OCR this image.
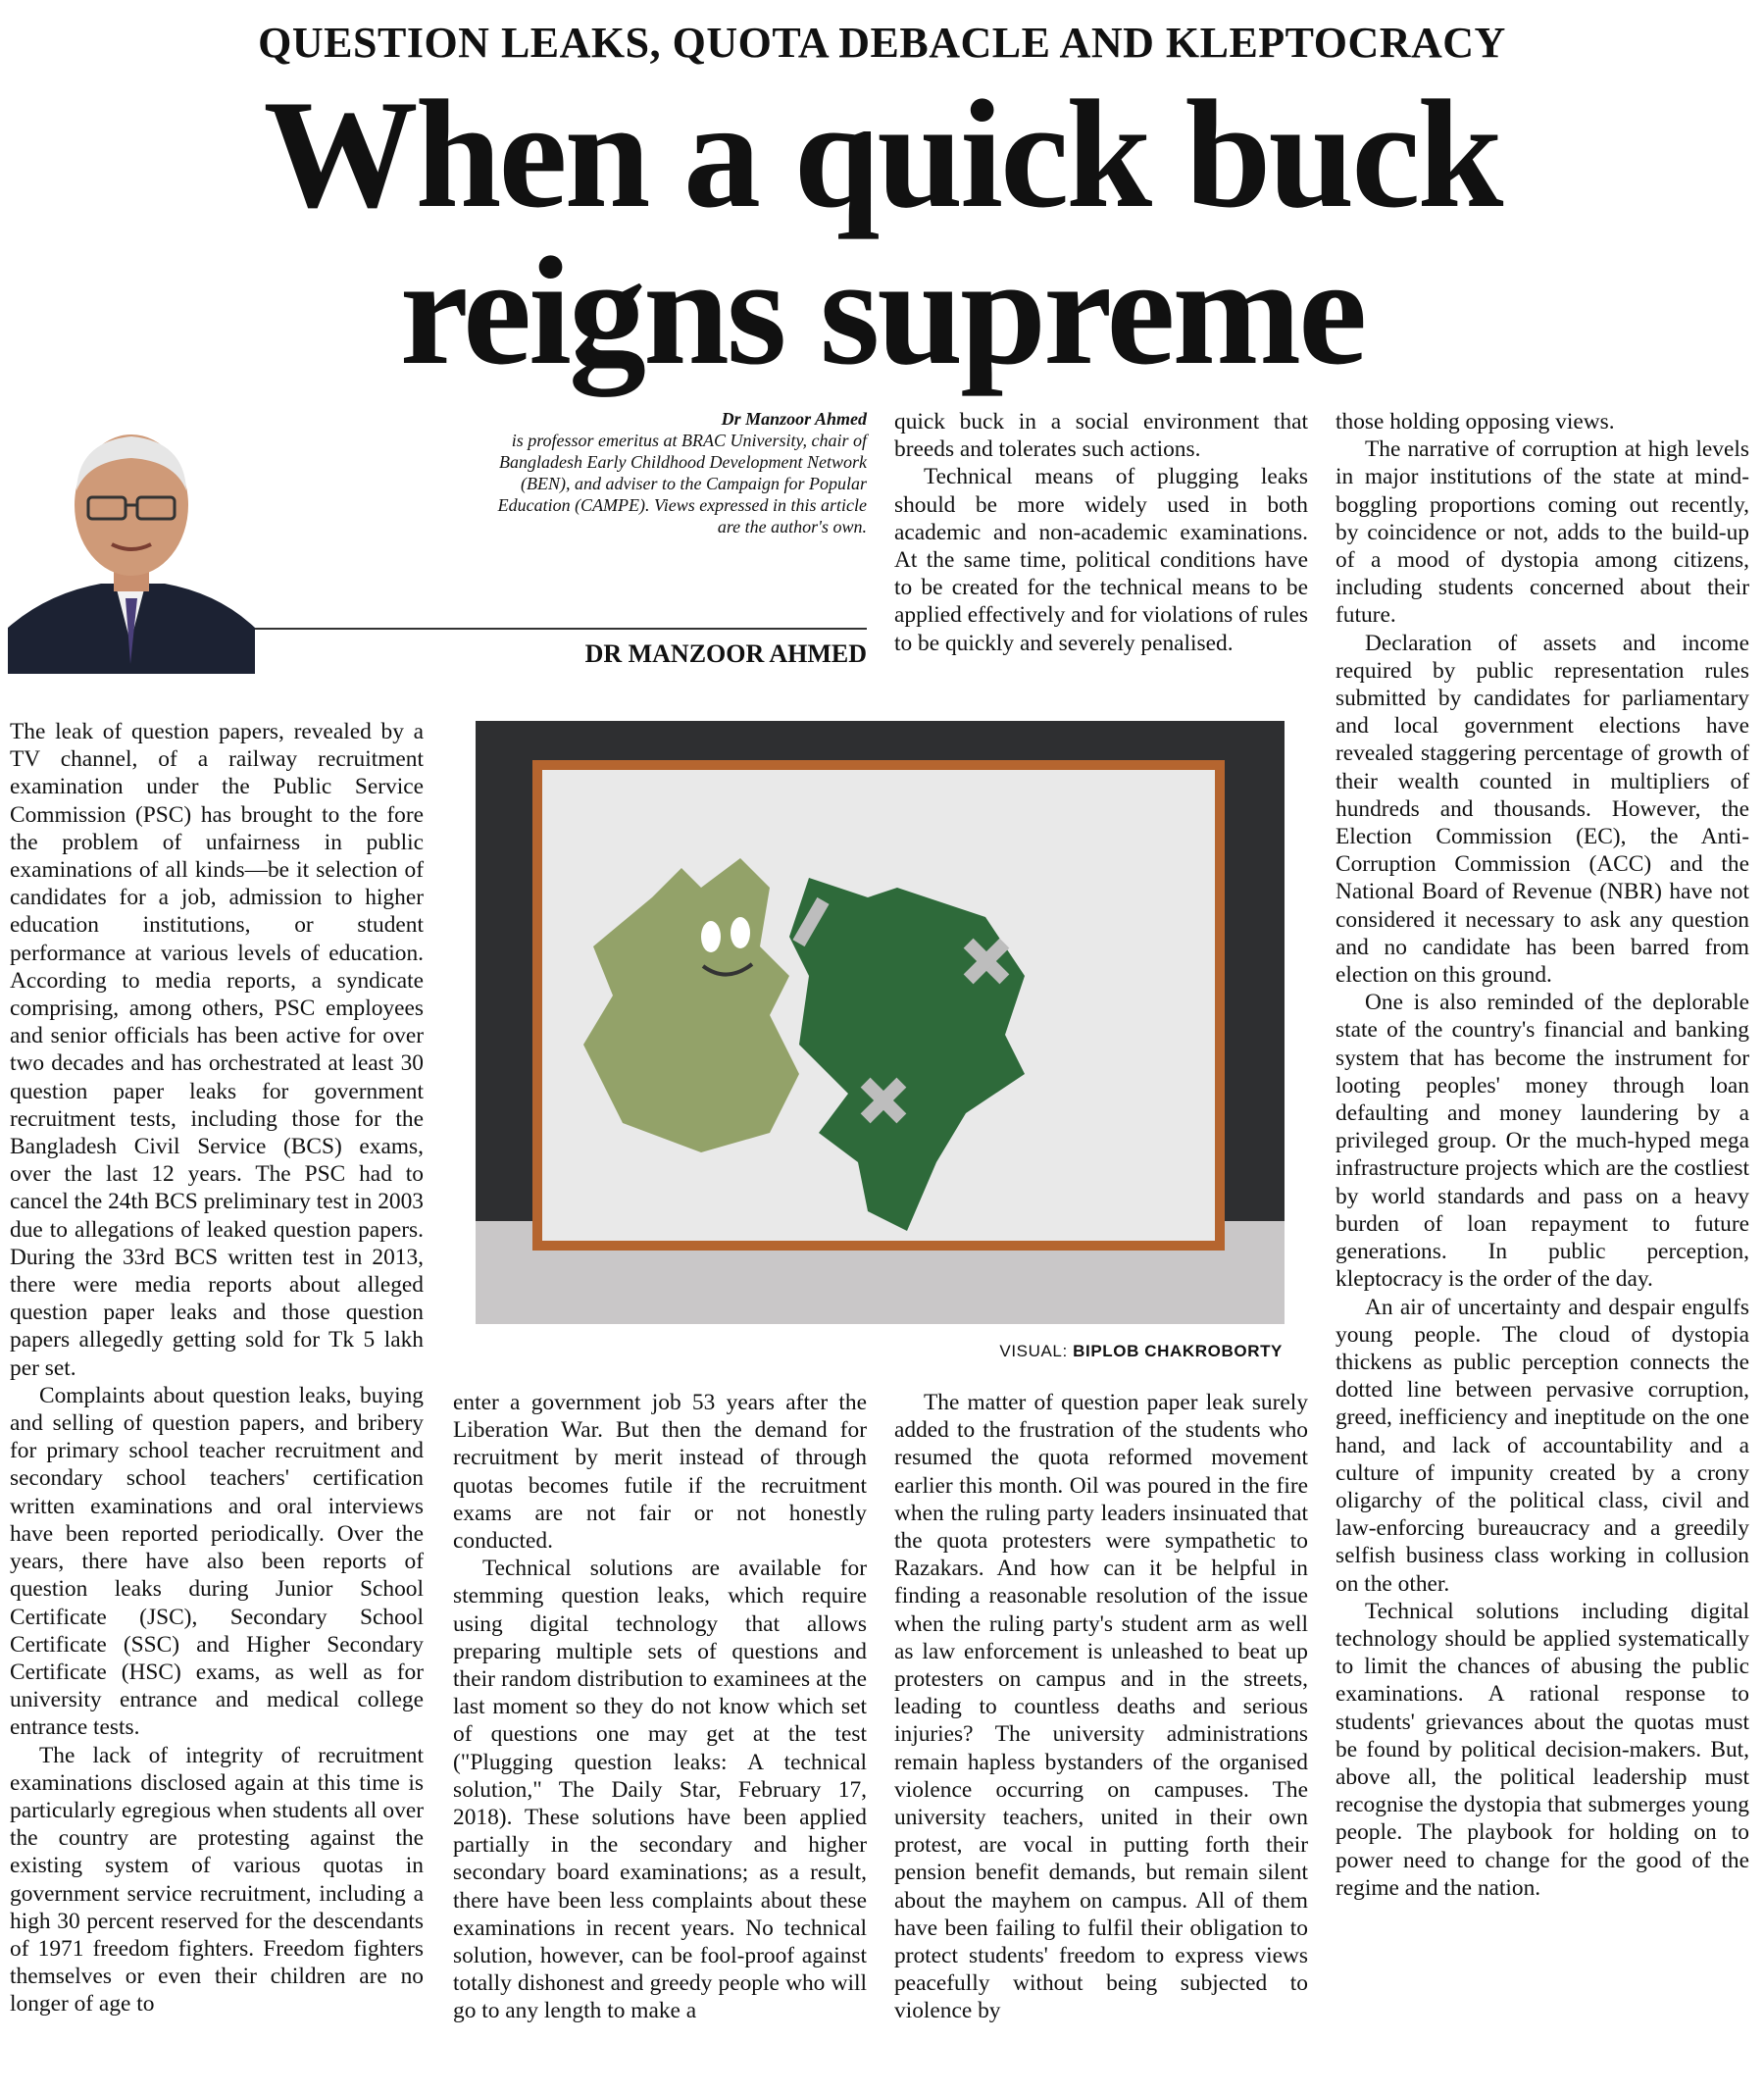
QUESTION LEAKS, QUOTA DEBACLE AND KLEPTOCRACY
When a quick buck
reigns supreme
Dr Manzoor Ahmed
is professor emeritus at BRAC University, chair of Bangladesh Early Childhood Development Network (BEN), and adviser to the Campaign for Popular Education (CAMPE). Views expressed in this article are the author's own.
DR MANZOOR AHMED

The leak of question papers, revealed by a TV channel, of a railway recruitment examination under the Public Service Commission (PSC) has brought to the fore the problem of unfairness in public examinations of all kinds—be it selection of candidates for a job, admission to higher education institutions, or student performance at various levels of education. According to media reports, a syndicate comprising, among others, PSC employees and senior officials has been active for over two decades and has orchestrated at least 30 question paper leaks for government recruitment tests, including those for the Bangladesh Civil Service (BCS) exams, over the last 12 years. The PSC had to cancel the 24th BCS preliminary test in 2003 due to allegations of leaked question papers. During the 33rd BCS written test in 2013, there were media reports about alleged question paper leaks and those question papers allegedly getting sold for Tk 5 lakh per set.

Complaints about question leaks, buying and selling of question papers, and bribery for primary school teacher recruitment and secondary school teachers' certification written examinations and oral interviews have been reported periodically. Over the years, there have also been reports of question leaks during Junior School Certificate (JSC), Secondary School Certificate (SSC) and Higher Secondary Certificate (HSC) exams, as well as for university entrance and medical college entrance tests.

The lack of integrity of recruitment examinations disclosed again at this time is particularly egregious when students all over the country are protesting against the existing system of various quotas in government service recruitment, including a high 30 percent reserved for the descendants of 1971 freedom fighters. Freedom fighters themselves or even their children are no longer of age to

quick buck in a social environment that breeds and tolerates such actions.

Technical means of plugging leaks should be more widely used in both academic and non-academic examinations. At the same time, political conditions have to be created for the technical means to be applied effectively and for violations of rules to be quickly and severely penalised.

VISUAL: BIPLOB CHAKROBORTY

enter a government job 53 years after the Liberation War. But then the demand for recruitment by merit instead of through quotas becomes futile if the recruitment exams are not fair or not honestly conducted.

Technical solutions are available for stemming question leaks, which require using digital technology that allows preparing multiple sets of questions and their random distribution to examinees at the last moment so they do not know which set of questions one may get at the test ("Plugging question leaks: A technical solution," The Daily Star, February 17, 2018). These solutions have been applied partially in the secondary and higher secondary board examinations; as a result, there have been less complaints about these examinations in recent years. No technical solution, however, can be fool-proof against totally dishonest and greedy people who will go to any length to make a

The matter of question paper leak surely added to the frustration of the students who resumed the quota reformed movement earlier this month. Oil was poured in the fire when the ruling party leaders insinuated that the quota protesters were sympathetic to Razakars. And how can it be helpful in finding a reasonable resolution of the issue when the ruling party's student arm as well as law enforcement is unleashed to beat up protesters on campus and in the streets, leading to countless deaths and serious injuries? The university administrations remain hapless bystanders of the organised violence occurring on campuses. The university teachers, united in their own protest, are vocal in putting forth their pension benefit demands, but remain silent about the mayhem on campus. All of them have been failing to fulfil their obligation to protect students' freedom to express views peacefully without being subjected to violence by

those holding opposing views.

The narrative of corruption at high levels in major institutions of the state at mind-boggling proportions coming out recently, by coincidence or not, adds to the build-up of a mood of dystopia among citizens, including students concerned about their future.

Declaration of assets and income required by public representation rules submitted by candidates for parliamentary and local government elections have revealed staggering percentage of growth of their wealth counted in multipliers of hundreds and thousands. However, the Election Commission (EC), the Anti-Corruption Commission (ACC) and the National Board of Revenue (NBR) have not considered it necessary to ask any question and no candidate has been barred from election on this ground.

One is also reminded of the deplorable state of the country's financial and banking system that has become the instrument for looting peoples' money through loan defaulting and money laundering by a privileged group. Or the much-hyped mega infrastructure projects which are the costliest by world standards and pass on a heavy burden of loan repayment to future generations. In public perception, kleptocracy is the order of the day.

An air of uncertainty and despair engulfs young people. The cloud of dystopia thickens as public perception connects the dotted line between pervasive corruption, greed, inefficiency and ineptitude on the one hand, and lack of accountability and a culture of impunity created by a crony oligarchy of the political class, civil and law-enforcing bureaucracy and a greedily selfish business class working in collusion on the other.

Technical solutions including digital technology should be applied systematically to limit the chances of abusing the public examinations. A rational response to students' grievances about the quotas must be found by political decision-makers. But, above all, the political leadership must recognise the dystopia that submerges young people. The playbook for holding on to power need to change for the good of the regime and the nation.
